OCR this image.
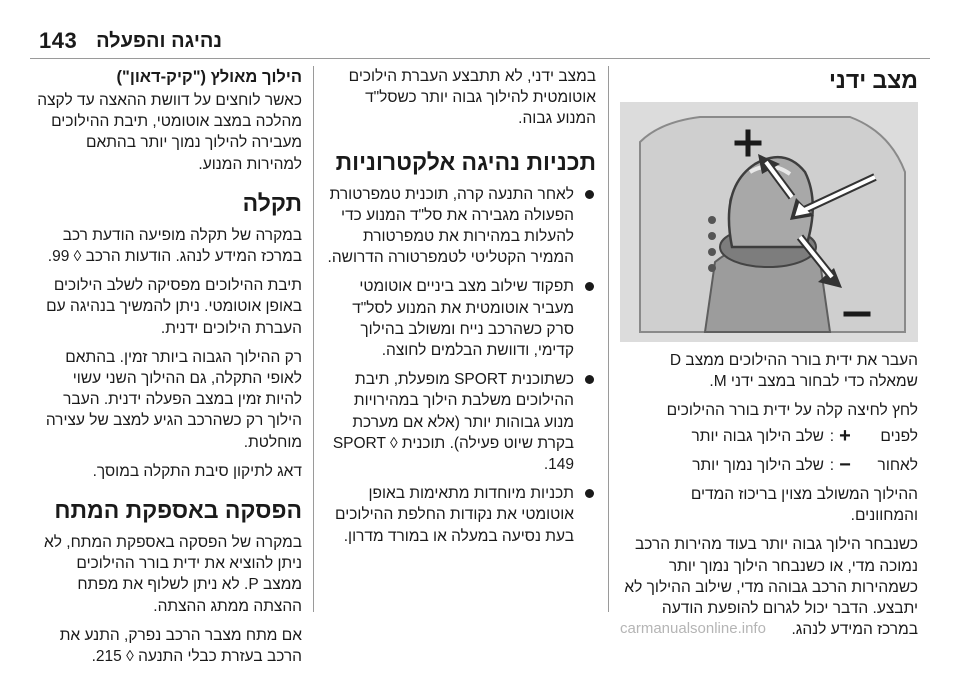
143 נהיגה והפעלה
מצב ידני

העבר את ידית בורר ההילוכים ממצב D שמאלה כדי לבחור במצב ידני M.

לחץ לחיצה קלה על ידית בורר ההילוכים

לפנים
+
:
שלב הילוך גבוה יותר
לאחור
−
:
שלב הילוך נמוך יותר

ההילוך המשולב מצוין בריכוז המדים והמחוונים.

כשנבחר הילוך גבוה יותר בעוד מהירות הרכב נמוכה מדי, או כשנבחר הילוך נמוך יותר כשמהירות הרכב גבוהה מדי, שילוב ההילוך לא יתבצע. הדבר יכול לגרום להופעת הודעה במרכז המידע לנהג.

במצב ידני, לא תתבצע העברת הילוכים אוטומטית להילוך גבוה יותר כשסל"ד המנוע גבוה.

תכניות נהיגה אלקטרוניות
לאחר התנעה קרה, תוכנית טמפרטורת הפעולה מגבירה את סל"ד המנוע כדי להעלות במהירות את טמפרטורת הממיר הקטליטי לטמפרטורה הדרושה.
תפקוד שילוב מצב ביניים אוטומטי מעביר אוטומטית את המנוע לסל"ד סרק כשהרכב נייח ומשולב בהילוך קדימי, ודוושת הבלמים לחוצה.
כשתוכנית SPORT מופעלת, תיבת ההילוכים משלבת הילוך במהירויות מנוע גבוהות יותר (אלא אם מערכת בקרת שיוט פעילה). תוכנית SPORT ◊ 149.
תכניות מיוחדות מתאימות באופן אוטומטי את נקודות החלפת ההילוכים בעת נסיעה במעלה או במורד מדרון.
הילוך מאולץ ("קיק-דאון")

כאשר לוחצים על דוושת ההאצה עד לקצה מהלכה במצב אוטומטי, תיבת ההילוכים מעבירה להילוך נמוך יותר בהתאם למהירות המנוע.

תקלה

במקרה של תקלה מופיעה הודעת רכב במרכז המידע לנהג. הודעות הרכב ◊ 99.

תיבת ההילוכים מפסיקה לשלב הילוכים באופן אוטומטי. ניתן להמשיך בנהיגה עם העברת הילוכים ידנית.

רק ההילוך הגבוה ביותר זמין. בהתאם לאופי התקלה, גם ההילוך השני עשוי להיות זמין במצב הפעלה ידנית. העבר הילוך רק כשהרכב הגיע למצב של עצירה מוחלטת.

דאג לתיקון סיבת התקלה במוסך.

הפסקה באספקת המתח

במקרה של הפסקה באספקת המתח, לא ניתן להוציא את ידית בורר ההילוכים ממצב P. לא ניתן לשלוף את מפתח ההצתה ממתג ההצתה.

אם מתח מצבר הרכב נפרק, התנע את הרכב בעזרת כבלי התנעה ◊ 215.

carmanualsonline.info
